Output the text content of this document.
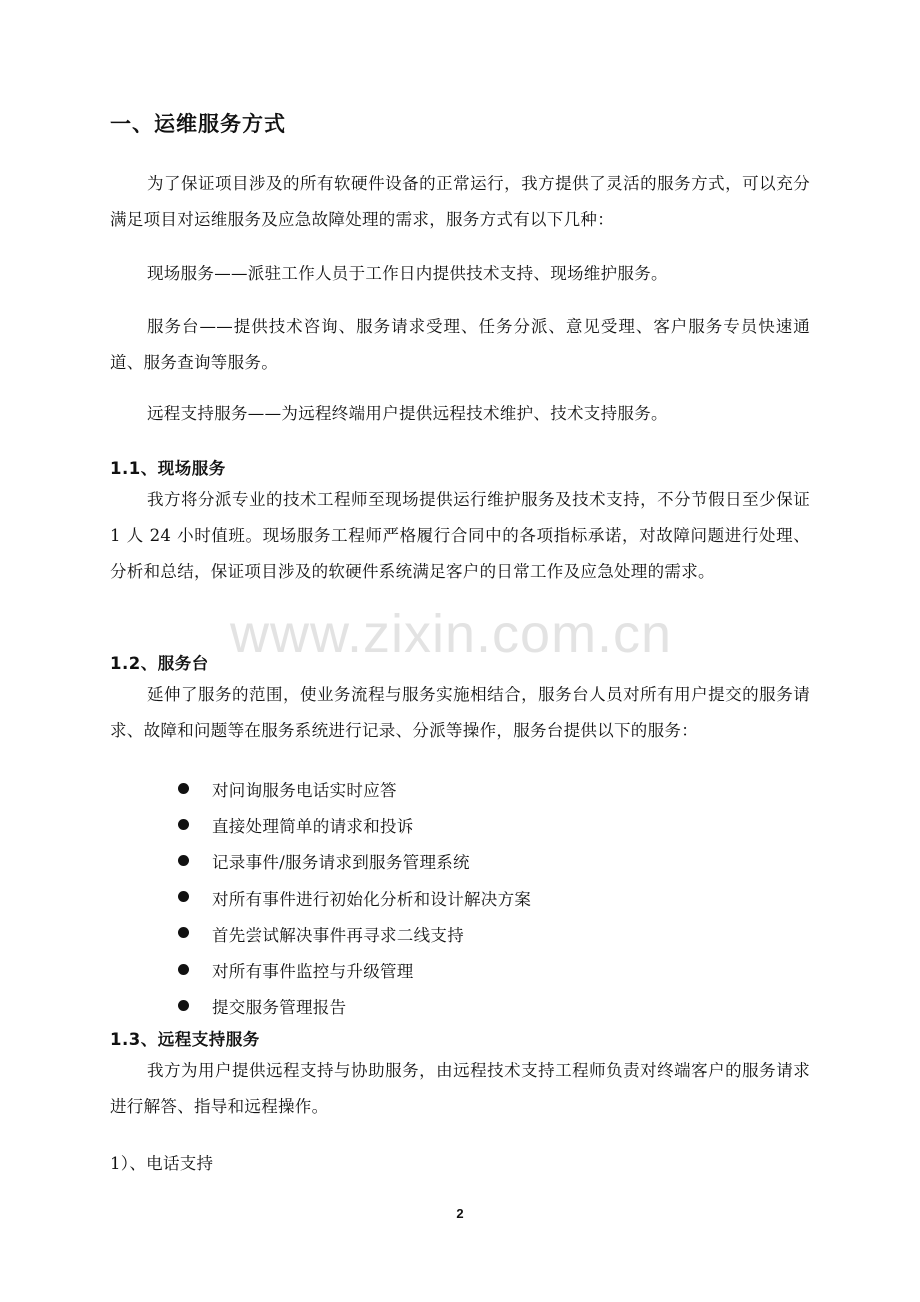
一、运维服务方式
为了保证项目涉及的所有软硬件设备的正常运行，我方提供了灵活的服务方式，可以充分满足项目对运维服务及应急故障处理的需求，服务方式有以下几种：
现场服务——派驻工作人员于工作日内提供技术支持、现场维护服务。
服务台——提供技术咨询、服务请求受理、任务分派、意见受理、客户服务专员快速通道、服务查询等服务。
远程支持服务——为远程终端用户提供远程技术维护、技术支持服务。
1.1、现场服务
我方将分派专业的技术工程师至现场提供运行维护服务及技术支持，不分节假日至少保证 1 人 24 小时值班。现场服务工程师严格履行合同中的各项指标承诺，对故障问题进行处理、分析和总结，保证项目涉及的软硬件系统满足客户的日常工作及应急处理的需求。
www.zixin.com.cn
1.2、服务台
延伸了服务的范围，使业务流程与服务实施相结合，服务台人员对所有用户提交的服务请求、故障和问题等在服务系统进行记录、分派等操作，服务台提供以下的服务：
对问询服务电话实时应答
直接处理简单的请求和投诉
记录事件/服务请求到服务管理系统
对所有事件进行初始化分析和设计解决方案
首先尝试解决事件再寻求二线支持
对所有事件监控与升级管理
提交服务管理报告
1.3、远程支持服务
我方为用户提供远程支持与协助服务，由远程技术支持工程师负责对终端客户的服务请求进行解答、指导和远程操作。
1）、电话支持
2
